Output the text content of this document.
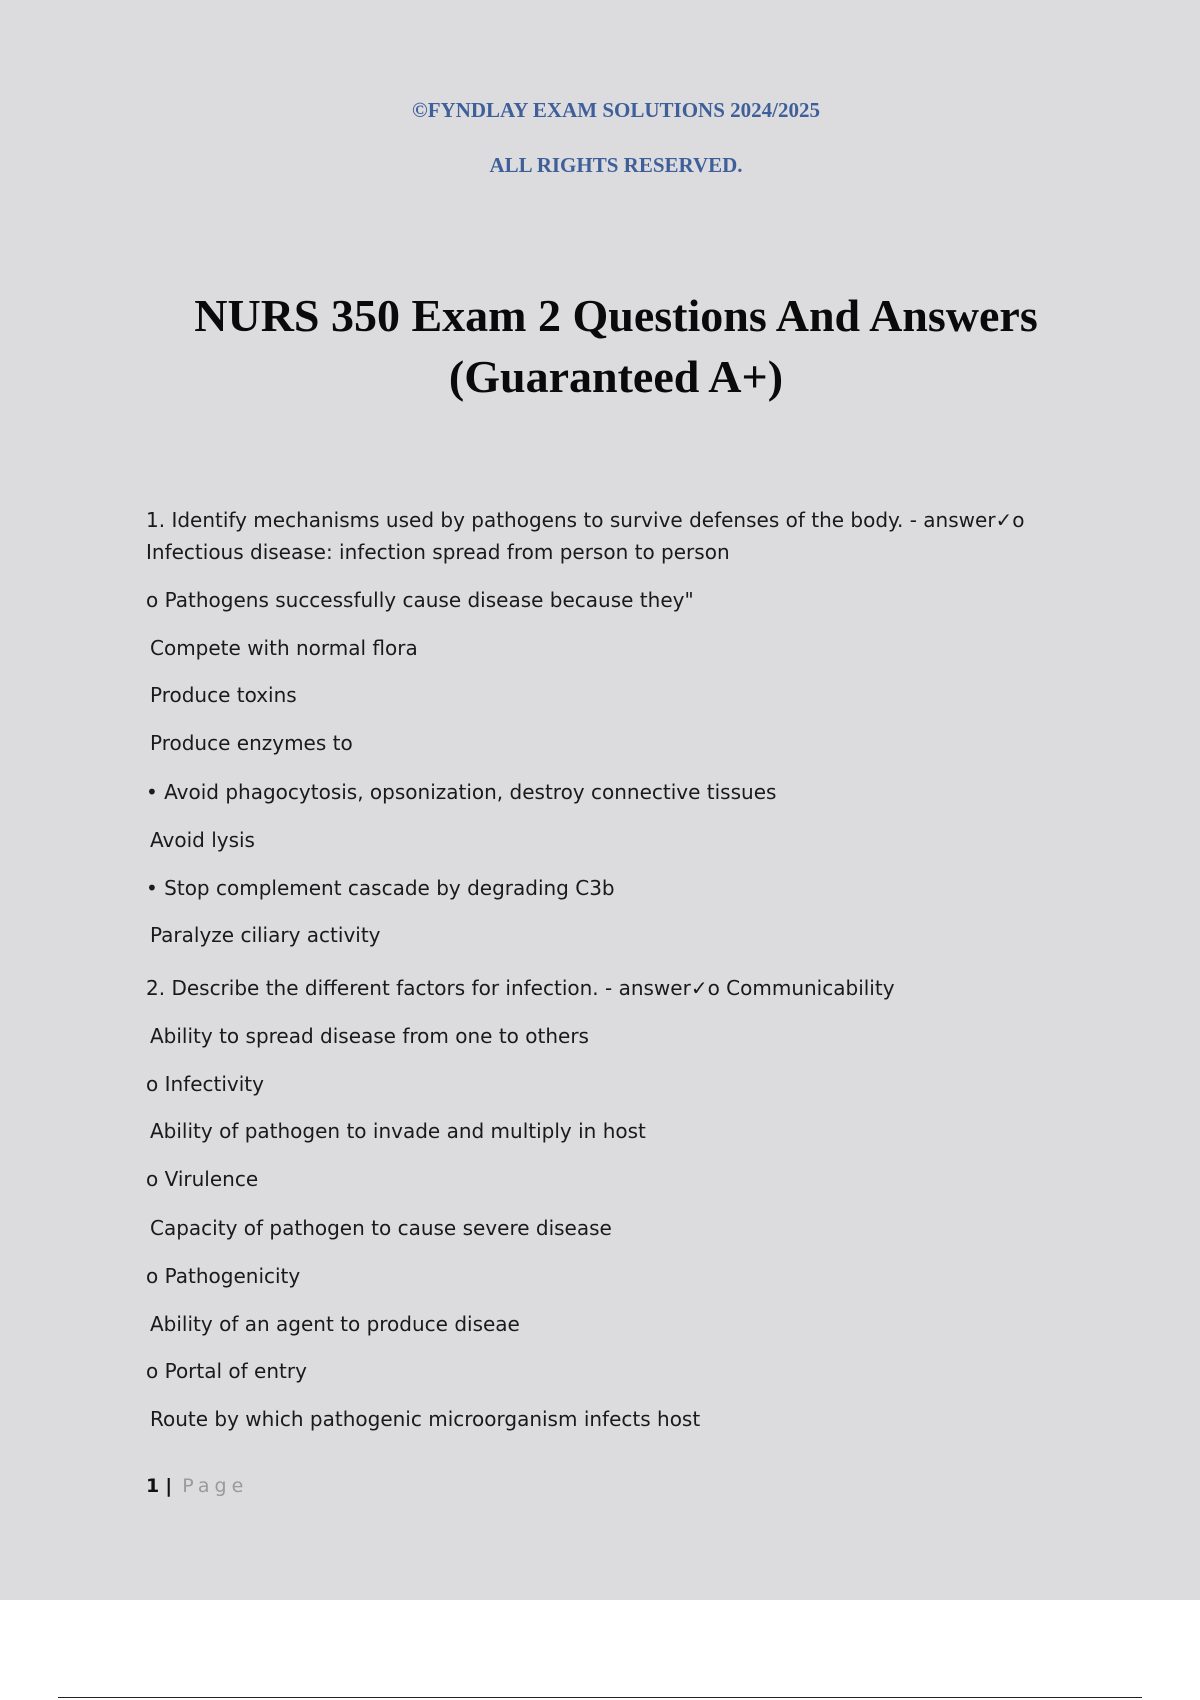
©FYNDLAY EXAM SOLUTIONS 2024/2025
ALL RIGHTS RESERVED.
NURS 350 Exam 2 Questions And Answers
(Guaranteed A+)
1. Identify mechanisms used by pathogens to survive defenses of the body. - answer✓o
Infectious disease: infection spread from person to person
o Pathogens successfully cause disease because they"
Compete with normal flora
Produce toxins
Produce enzymes to
• Avoid phagocytosis, opsonization, destroy connective tissues
Avoid lysis
• Stop complement cascade by degrading C3b
Paralyze ciliary activity
2. Describe the different factors for infection. - answer✓o Communicability
Ability to spread disease from one to others
o Infectivity
Ability of pathogen to invade and multiply in host
o Virulence
Capacity of pathogen to cause severe disease
o Pathogenicity
Ability of an agent to produce diseae
o Portal of entry
Route by which pathogenic microorganism infects host
1 | Page
